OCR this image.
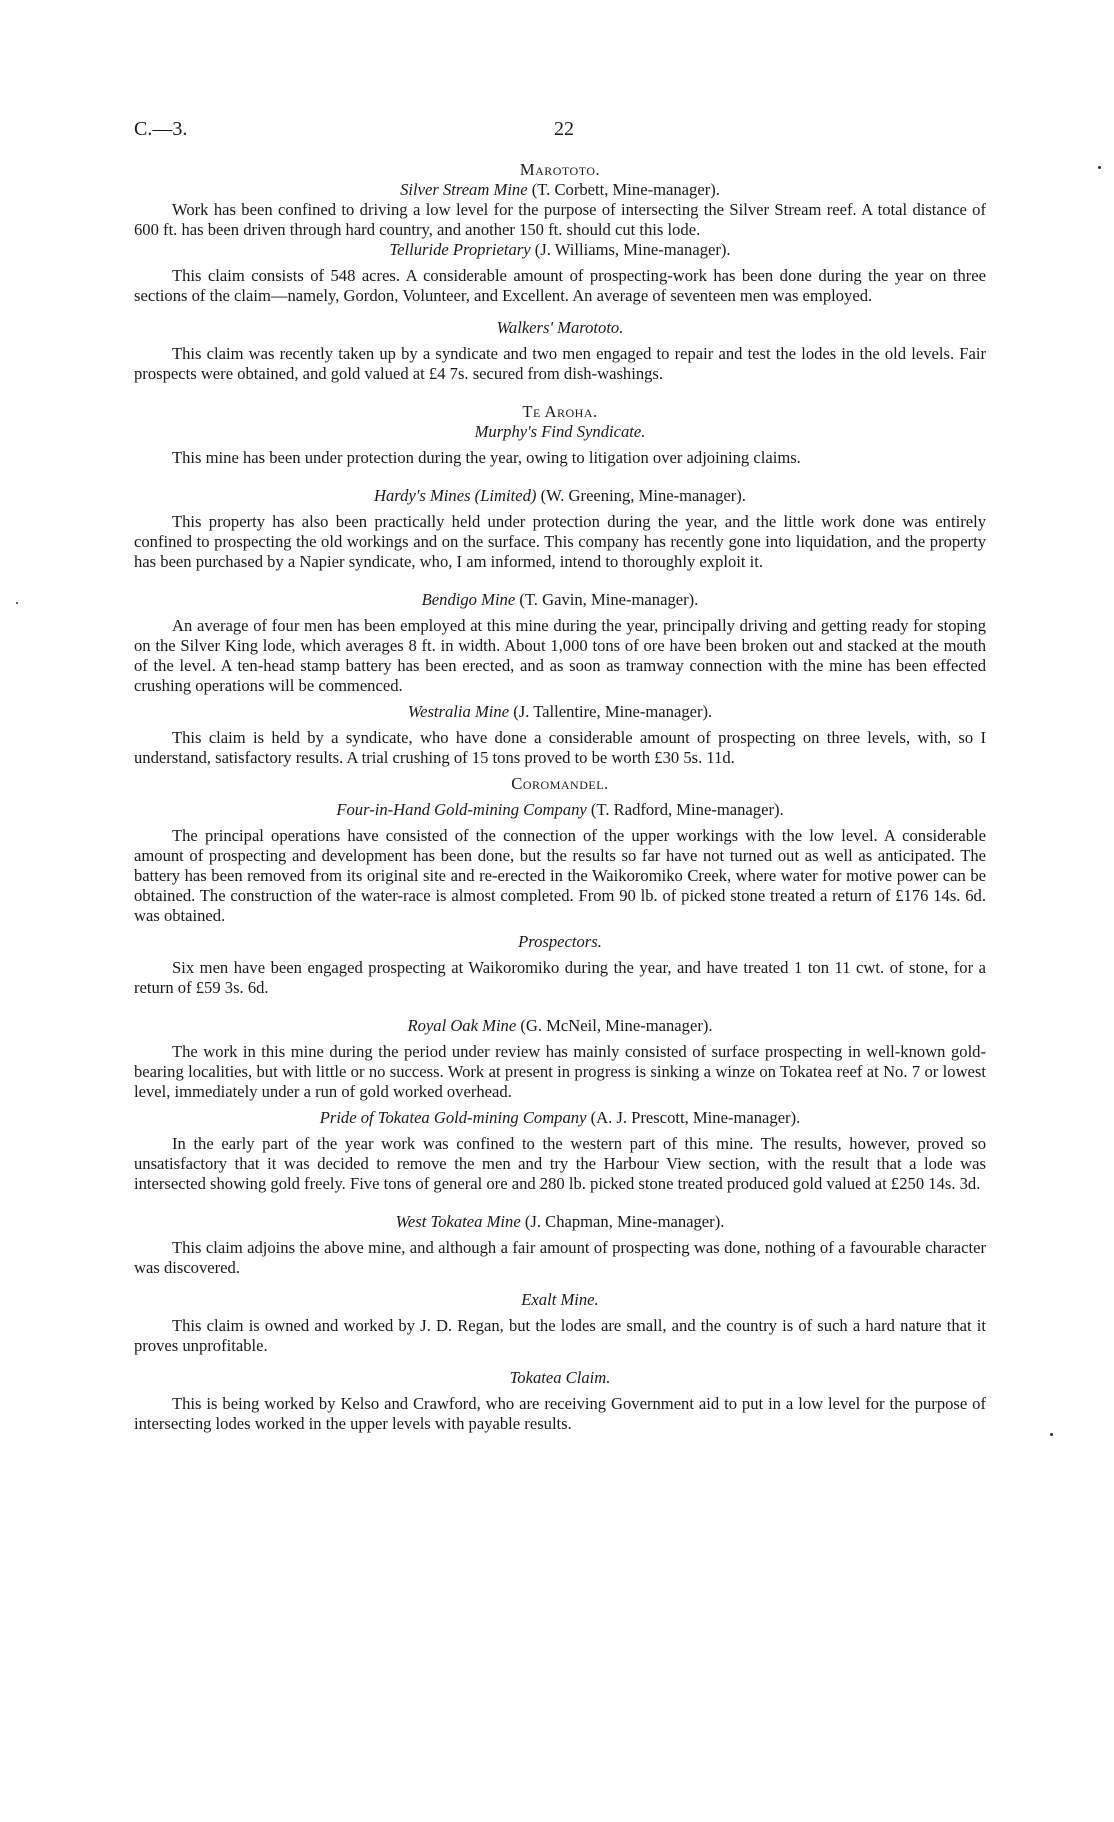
C.—3.	22
Marototo.
Silver Stream Mine (T. Corbett, Mine-manager).

Work has been confined to driving a low level for the purpose of intersecting the Silver Stream reef. A total distance of 600 ft. has been driven through hard country, and another 150 ft. should cut this lode.

Telluride Proprietary (J. Williams, Mine-manager).

This claim consists of 548 acres. A considerable amount of prospecting-work has been done during the year on three sections of the claim—namely, Gordon, Volunteer, and Excellent. An average of seventeen men was employed.

Walkers' Marototo.

This claim was recently taken up by a syndicate and two men engaged to repair and test the lodes in the old levels. Fair prospects were obtained, and gold valued at £4 7s. secured from dish-washings.

Te Aroha.
Murphy's Find Syndicate.

This mine has been under protection during the year, owing to litigation over adjoining claims.

Hardy's Mines (Limited) (W. Greening, Mine-manager).

This property has also been practically held under protection during the year, and the little work done was entirely confined to prospecting the old workings and on the surface. This company has recently gone into liquidation, and the property has been purchased by a Napier syndicate, who, I am informed, intend to thoroughly exploit it.

Bendigo Mine (T. Gavin, Mine-manager).

An average of four men has been employed at this mine during the year, principally driving and getting ready for stoping on the Silver King lode, which averages 8 ft. in width. About 1,000 tons of ore have been broken out and stacked at the mouth of the level. A ten-head stamp battery has been erected, and as soon as tramway connection with the mine has been effected crushing operations will be commenced.

Westralia Mine (J. Tallentire, Mine-manager).

This claim is held by a syndicate, who have done a considerable amount of prospecting on three levels, with, so I understand, satisfactory results. A trial crushing of 15 tons proved to be worth £30 5s. 11d.

Coromandel.
Four-in-Hand Gold-mining Company (T. Radford, Mine-manager).

The principal operations have consisted of the connection of the upper workings with the low level. A considerable amount of prospecting and development has been done, but the results so far have not turned out as well as anticipated. The battery has been removed from its original site and re-erected in the Waikoromiko Creek, where water for motive power can be obtained. The construction of the water-race is almost completed. From 90 lb. of picked stone treated a return of £176 14s. 6d. was obtained.

Prospectors.

Six men have been engaged prospecting at Waikoromiko during the year, and have treated 1 ton 11 cwt. of stone, for a return of £59 3s. 6d.

Royal Oak Mine (G. McNeil, Mine-manager).

The work in this mine during the period under review has mainly consisted of surface prospecting in well-known gold-bearing localities, but with little or no success. Work at present in progress is sinking a winze on Tokatea reef at No. 7 or lowest level, immediately under a run of gold worked overhead.

Pride of Tokatea Gold-mining Company (A. J. Prescott, Mine-manager).

In the early part of the year work was confined to the western part of this mine. The results, however, proved so unsatisfactory that it was decided to remove the men and try the Harbour View section, with the result that a lode was intersected showing gold freely. Five tons of general ore and 280 lb. picked stone treated produced gold valued at £250 14s. 3d.

West Tokatea Mine (J. Chapman, Mine-manager).

This claim adjoins the above mine, and although a fair amount of prospecting was done, nothing of a favourable character was discovered.

Exalt Mine.

This claim is owned and worked by J. D. Regan, but the lodes are small, and the country is of such a hard nature that it proves unprofitable.

Tokatea Claim.

This is being worked by Kelso and Crawford, who are receiving Government aid to put in a low level for the purpose of intersecting lodes worked in the upper levels with payable results.
